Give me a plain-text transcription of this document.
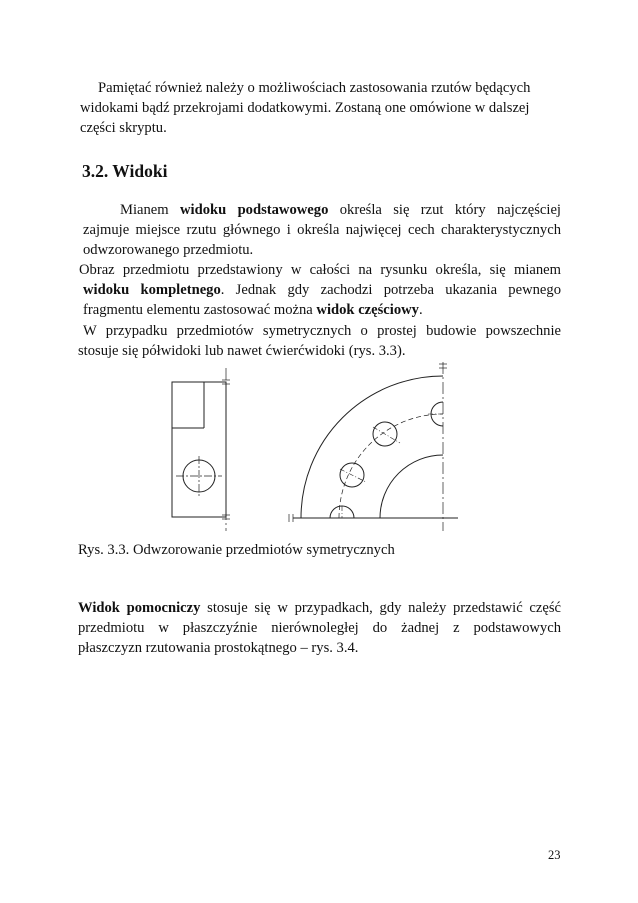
Pamiętać również należy o możliwościach zastosowania rzutów będących
widokami bądź przekrojami dodatkowymi. Zostaną one omówione w dalszej
części skryptu.
3.2. Widoki
Mianem widoku podstawowego określa się rzut który najczęściej
zajmuje miejsce rzutu głównego i określa najwięcej cech charakterystycznych
odwzorowanego przedmiotu.
Obraz przedmiotu przedstawiony w całości na rysunku określa, się mianem
widoku kompletnego. Jednak gdy zachodzi potrzeba ukazania pewnego
fragmentu elementu zastosować można widok częściowy.
W przypadku przedmiotów symetrycznych o prostej budowie powszechnie
stosuje się półwidoki lub nawet ćwierćwidoki (rys. 3.3).
Rys. 3.3. Odwzorowanie przedmiotów symetrycznych
Widok pomocniczy stosuje się w przypadkach, gdy należy przedstawić część
przedmiotu w płaszczyźnie nierównoległej do żadnej z podstawowych
płaszczyzn rzutowania prostokątnego – rys. 3.4.
23
